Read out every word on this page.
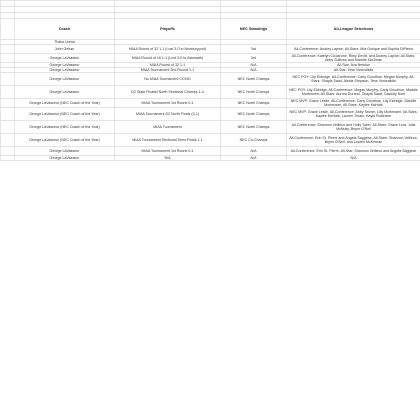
	Coach	Playoffs	NEC Standings	All-League Selections
	Thalia Urena			
	John Gehan	MIAA Round of 32 1-1 (Lost 3-0 to Newburyport)	3rd	All-Conference: Audrey Lapine, All-Stars: Mia Gorique and Sophia DiPietro
	George LaVasseur	MIAA Round of 16 1-1 (Lost 3-0 to Ashwarth)	3rd	All-Conference: Katelyn Ciccarone, Riley Devitt, and Audrey Lapine; All-Stars: Abby Sullivan and Maddie McGlean
	George LaVasseur	MIAA Round of 32 1-1	N/A	All-Star: Ava Newton
	George LaVasseur	MIAA Tournament 2nd Round 1-1	N/A	All-Star: Tess Vontzalidis
	George LaVasseur	No MIAA Tournament COVID	NEC North Champs	NEC POY: Lily Eldridge, All-Conference: Carly Goodhue, Megan Murphy, All-Stars: Shayla Saad, Alexia Simpson, Tess Vontzalidis
	George LaVasseur	D2 State Finalist North Sectional Champs 1-4	NEC North Champs	NEC POY: Lily Eldridge, All-Conference: Megan Murphy, Carly Goodhue, Maddie Mortensen; All-Stars: Aurora Durand, Shayla Saad, Cassidy Noel
	George LaVasseur (NEC Coach of the Year)	MIAA Tournament 1st Round 0-1	NEC North Champs	NEC MVP: Grace Leslie, All-Conference: Carly Goodhue, Lily Eldridge, Maddie Mortensen, All-Stars: Kaylee McHale
	George LaVasseur (NEC Coach of the Year)	MIAA Tournament D2 North Finals (3-1)	NEC North Champs	NEC MVP: Grace Leslie, All-Conference: Abby Stoner, Lilly Mortensen; All-Stars: Kaylee McHale, Lauren Tirrani, Kayla Robinson
	George LaVasseur (NEC Coach of the Year)	MIAA Tournament	NEC North Champs	All-Conference: Shannon Veilleux and Holly Tobin, All-Stars: Grace Lora, Julia McNulty, Brynn O'Neil
	George LaVasseur (NEC Coach of the Year)	MIAA Tournament Sectional Semi-Finals 1-1	NEC Co-Champs	All-Conference: Erin St. Pierre and Angela Saggese, All-Stars: Shannon Veilleux, Brynn O'Neil, and Lauren McKernan
	George LaVasseur	MIAA Tournament 1st Round 0-1	N/A	All-Conference: Erin St. Pierre, All-Star: Shannon Veilleux and Angela Saggese
	George LaVasseur	N/A	N/A	N/A
